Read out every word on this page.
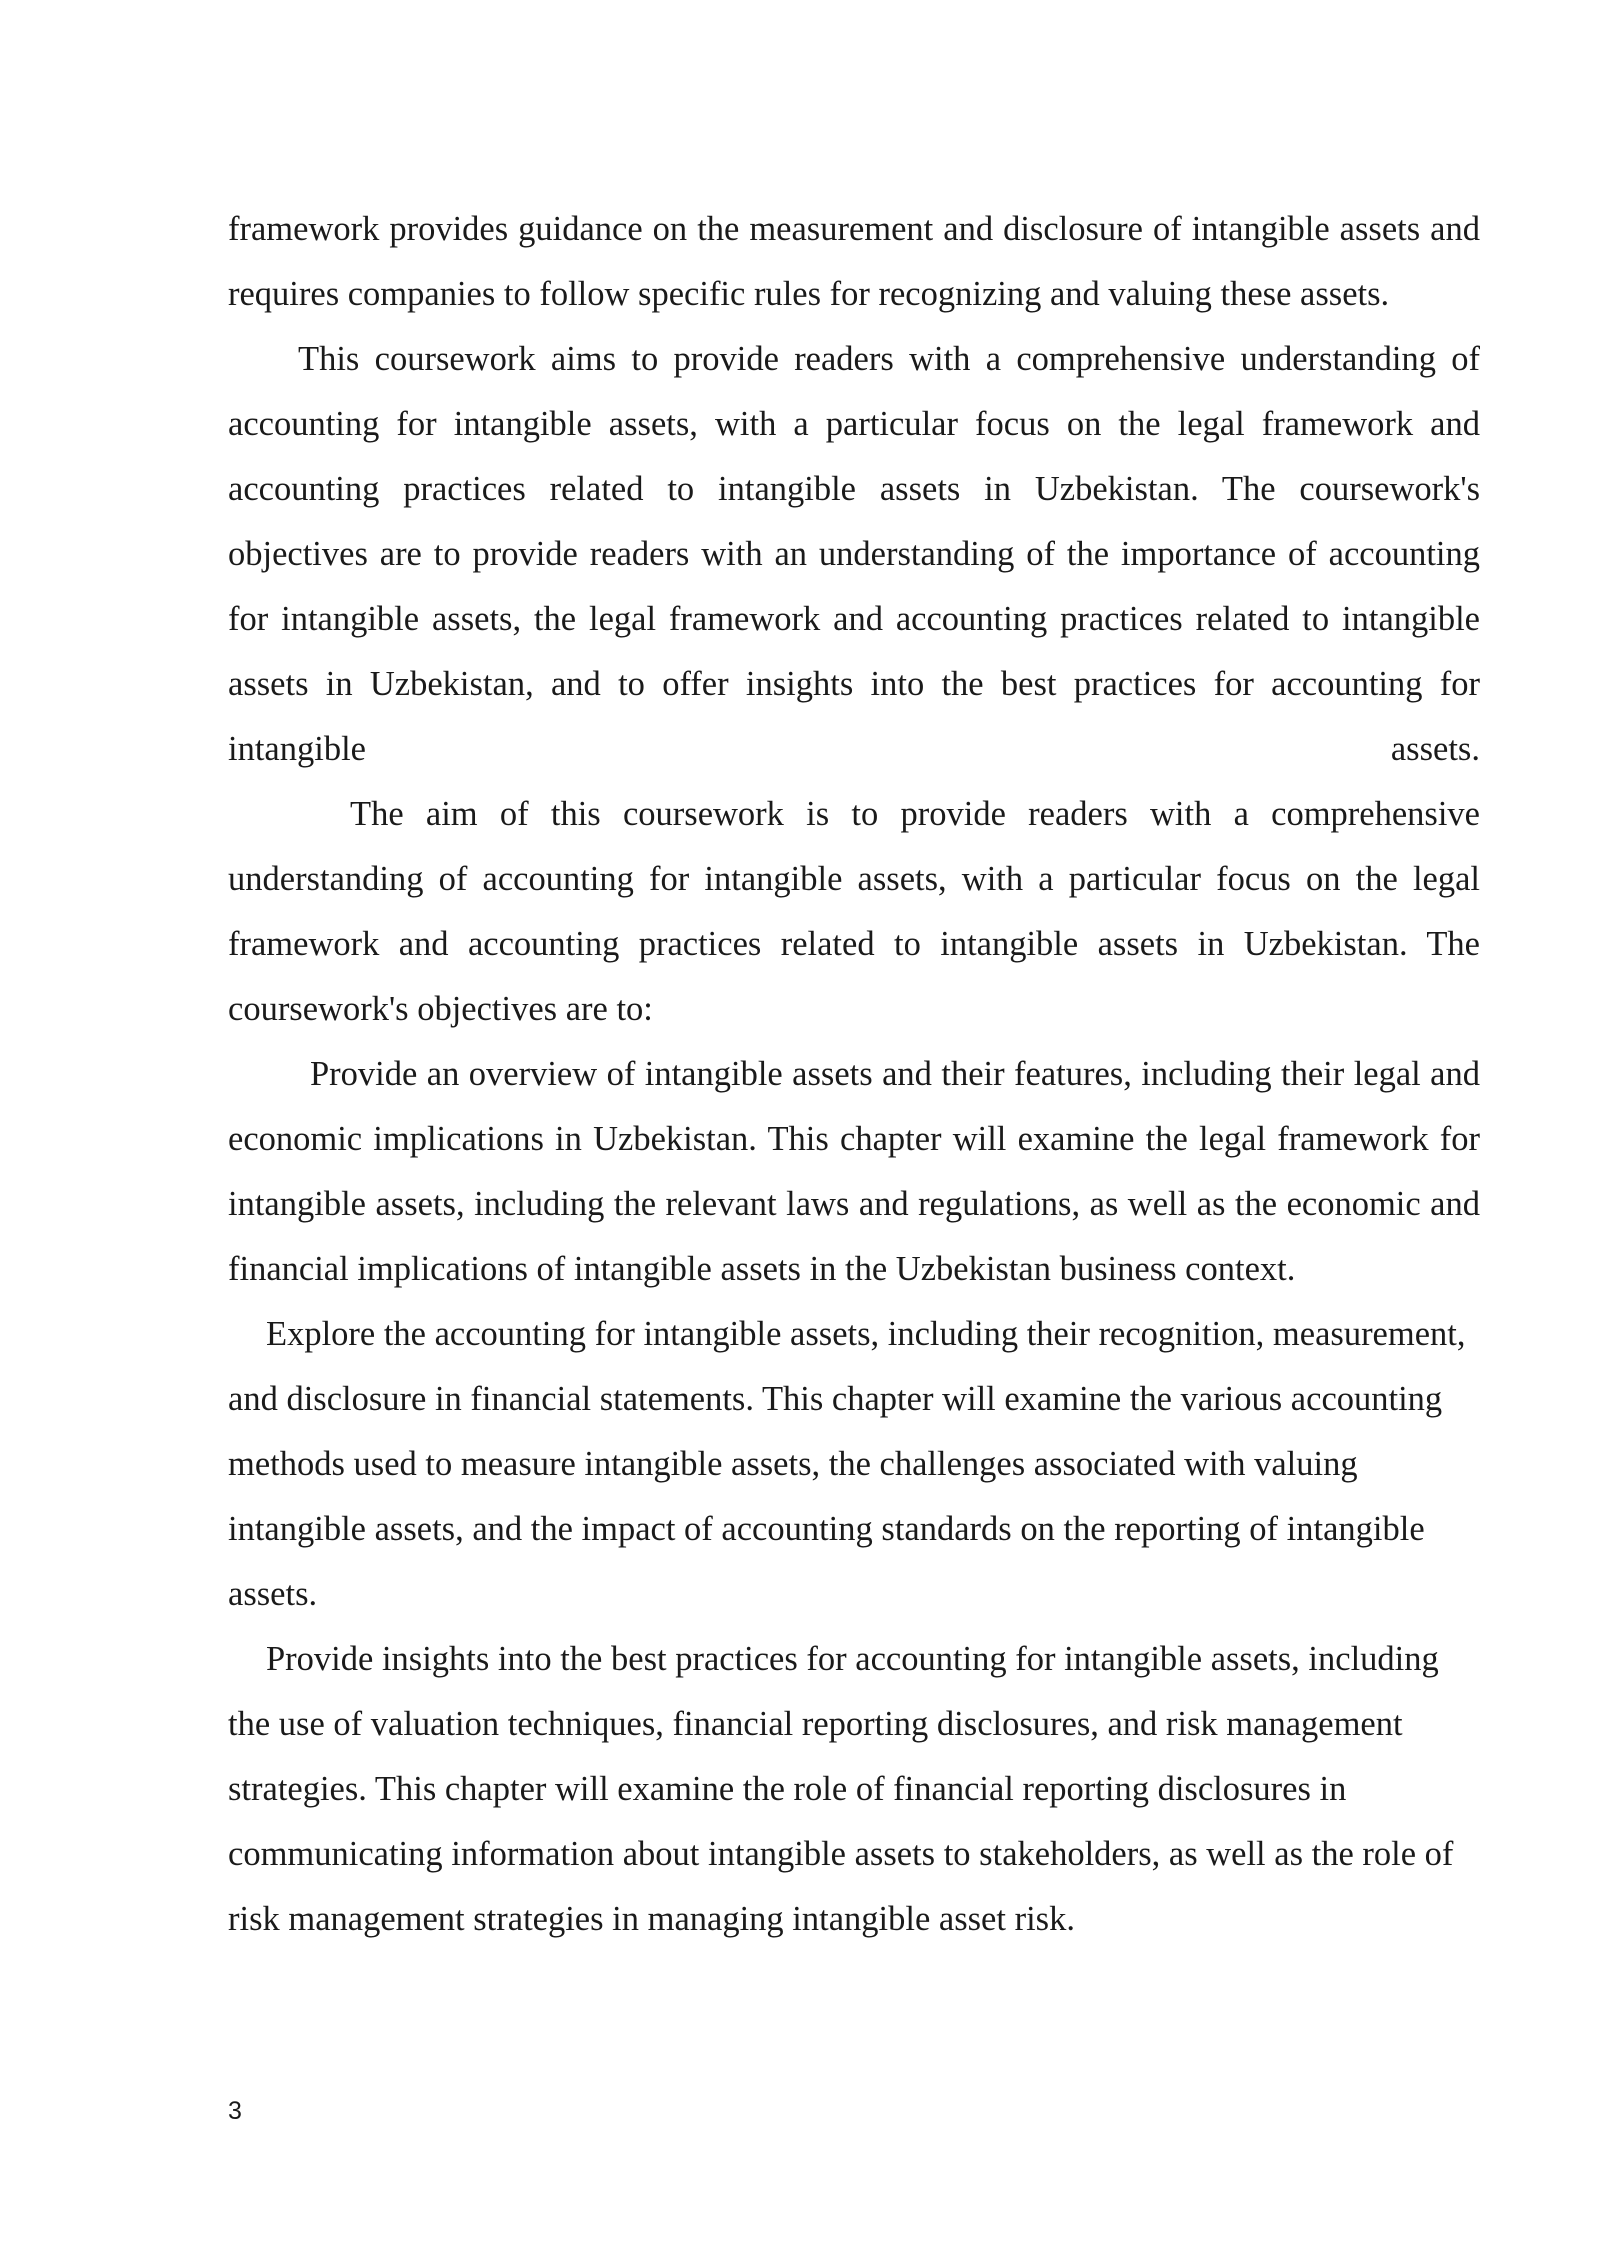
framework provides guidance on the measurement and disclosure of intangible assets and requires companies to follow specific rules for recognizing and valuing these assets.

This coursework aims to provide readers with a comprehensive understanding of accounting for intangible assets, with a particular focus on the legal framework and accounting practices related to intangible assets in Uzbekistan. The coursework's objectives are to provide readers with an understanding of the importance of accounting for intangible assets, the legal framework and accounting practices related to intangible assets in Uzbekistan, and to offer insights into the best practices for accounting for intangible assets.

The aim of this coursework is to provide readers with a comprehensive understanding of accounting for intangible assets, with a particular focus on the legal framework and accounting practices related to intangible assets in Uzbekistan. The coursework's objectives are to:

Provide an overview of intangible assets and their features, including their legal and economic implications in Uzbekistan. This chapter will examine the legal framework for intangible assets, including the relevant laws and regulations, as well as the economic and financial implications of intangible assets in the Uzbekistan business context.

Explore the accounting for intangible assets, including their recognition, measurement, and disclosure in financial statements. This chapter will examine the various accounting methods used to measure intangible assets, the challenges associated with valuing intangible assets, and the impact of accounting standards on the reporting of intangible assets.

Provide insights into the best practices for accounting for intangible assets, including the use of valuation techniques, financial reporting disclosures, and risk management strategies. This chapter will examine the role of financial reporting disclosures in communicating information about intangible assets to stakeholders, as well as the role of risk management strategies in managing intangible asset risk.

3
